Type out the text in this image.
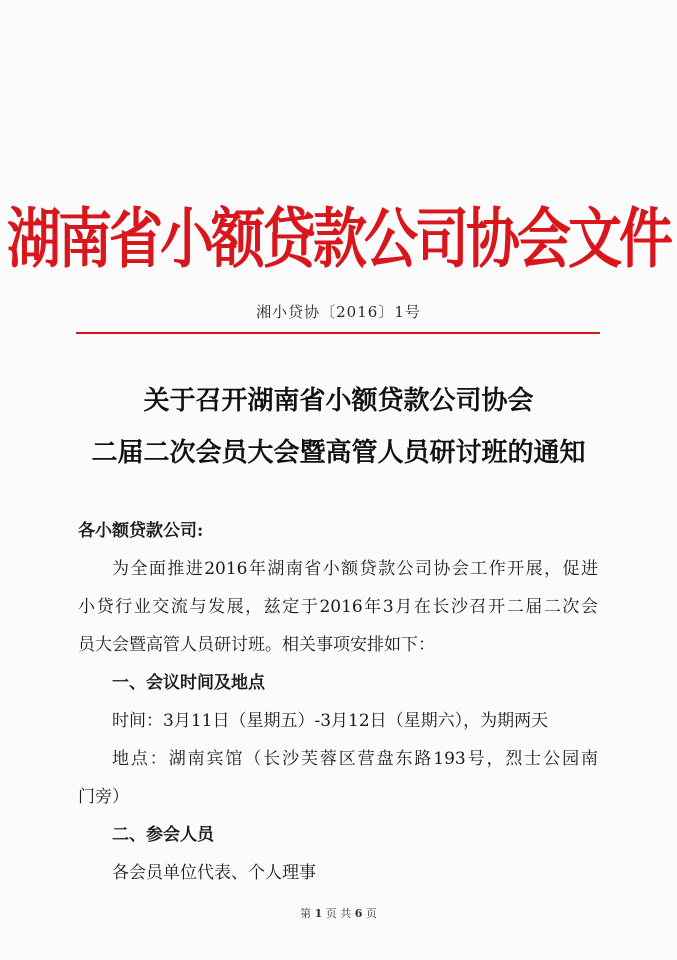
湖南省小额贷款公司协会文件
湘小贷协〔2016〕1号
关于召开湖南省小额贷款公司协会
二届二次会员大会暨高管人员研讨班的通知

各小额贷款公司:

为全面推进2016年湖南省小额贷款公司协会工作开展，促进

小贷行业交流与发展，兹定于2016年3月在长沙召开二届二次会

员大会暨高管人员研讨班。相关事项安排如下：

一、会议时间及地点

时间：3月11日（星期五）-3月12日（星期六），为期两天

地点：湖南宾馆（长沙芙蓉区营盘东路193号，烈士公园南

门旁）

二、参会人员

各会员单位代表、个人理事

第 1 页 共 6 页
